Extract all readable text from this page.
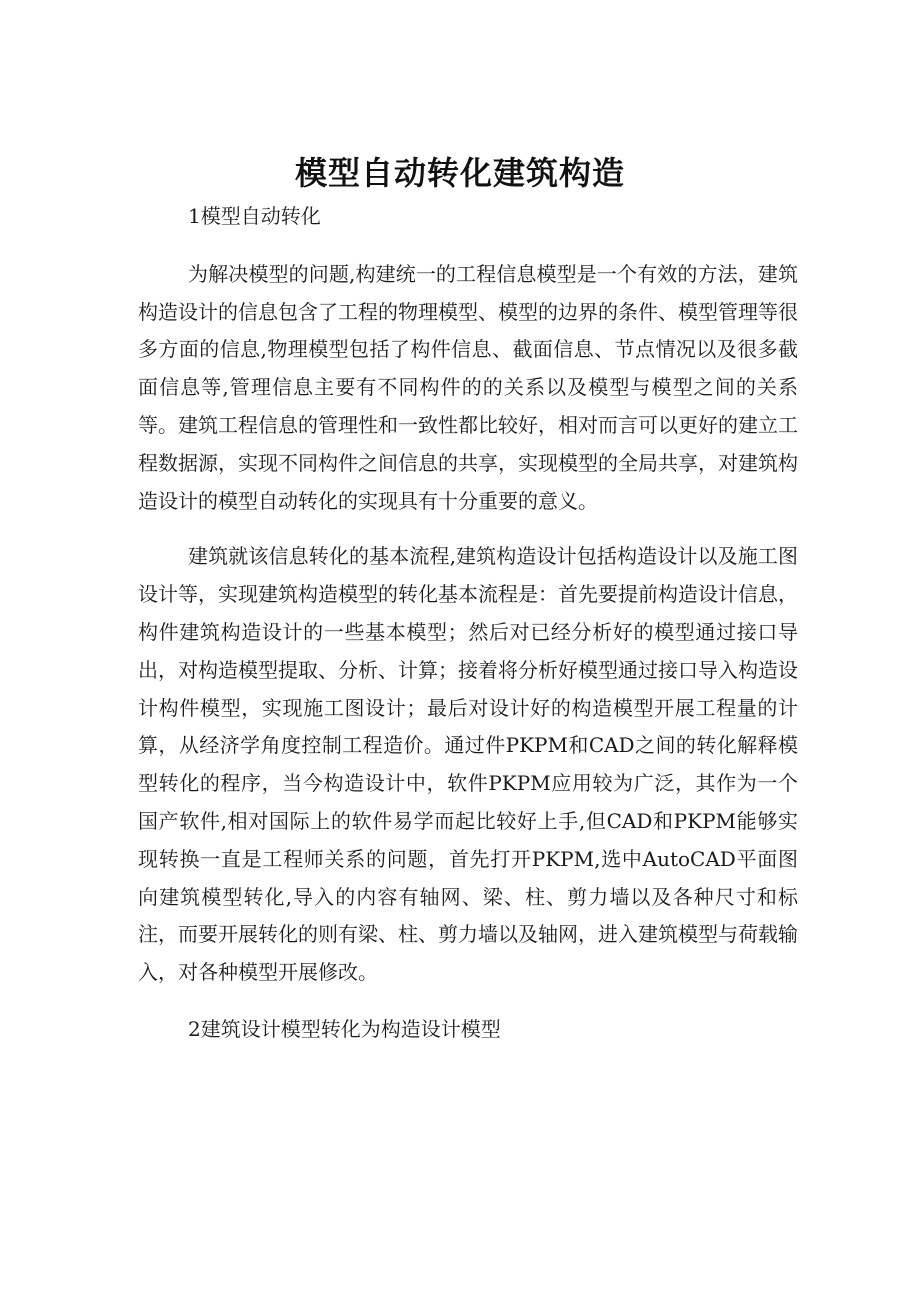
模型自动转化建筑构造

1模型自动转化

为解决模型的问题,构建统一的工程信息模型是一个有效的方法，建筑构造设计的信息包含了工程的物理模型、模型的边界的条件、模型管理等很多方面的信息,物理模型包括了构件信息、截面信息、节点情况以及很多截面信息等,管理信息主要有不同构件的的关系以及模型与模型之间的关系等。建筑工程信息的管理性和一致性都比较好，相对而言可以更好的建立工程数据源，实现不同构件之间信息的共享，实现模型的全局共享，对建筑构造设计的模型自动转化的实现具有十分重要的意义。

建筑就该信息转化的基本流程,建筑构造设计包括构造设计以及施工图设计等，实现建筑构造模型的转化基本流程是：首先要提前构造设计信息，构件建筑构造设计的一些基本模型；然后对已经分析好的模型通过接口导出，对构造模型提取、分析、计算；接着将分析好模型通过接口导入构造设计构件模型，实现施工图设计；最后对设计好的构造模型开展工程量的计算，从经济学角度控制工程造价。通过件PKPM和CAD之间的转化解释模型转化的程序，当今构造设计中，软件PKPM应用较为广泛，其作为一个国产软件,相对国际上的软件易学而起比较好上手,但CAD和PKPM能够实现转换一直是工程师关系的问题，首先打开PKPM,选中AutoCAD平面图向建筑模型转化,导入的内容有轴网、梁、柱、剪力墙以及各种尺寸和标注，而要开展转化的则有梁、柱、剪力墙以及轴网，进入建筑模型与荷载输入，对各种模型开展修改。

2建筑设计模型转化为构造设计模型
